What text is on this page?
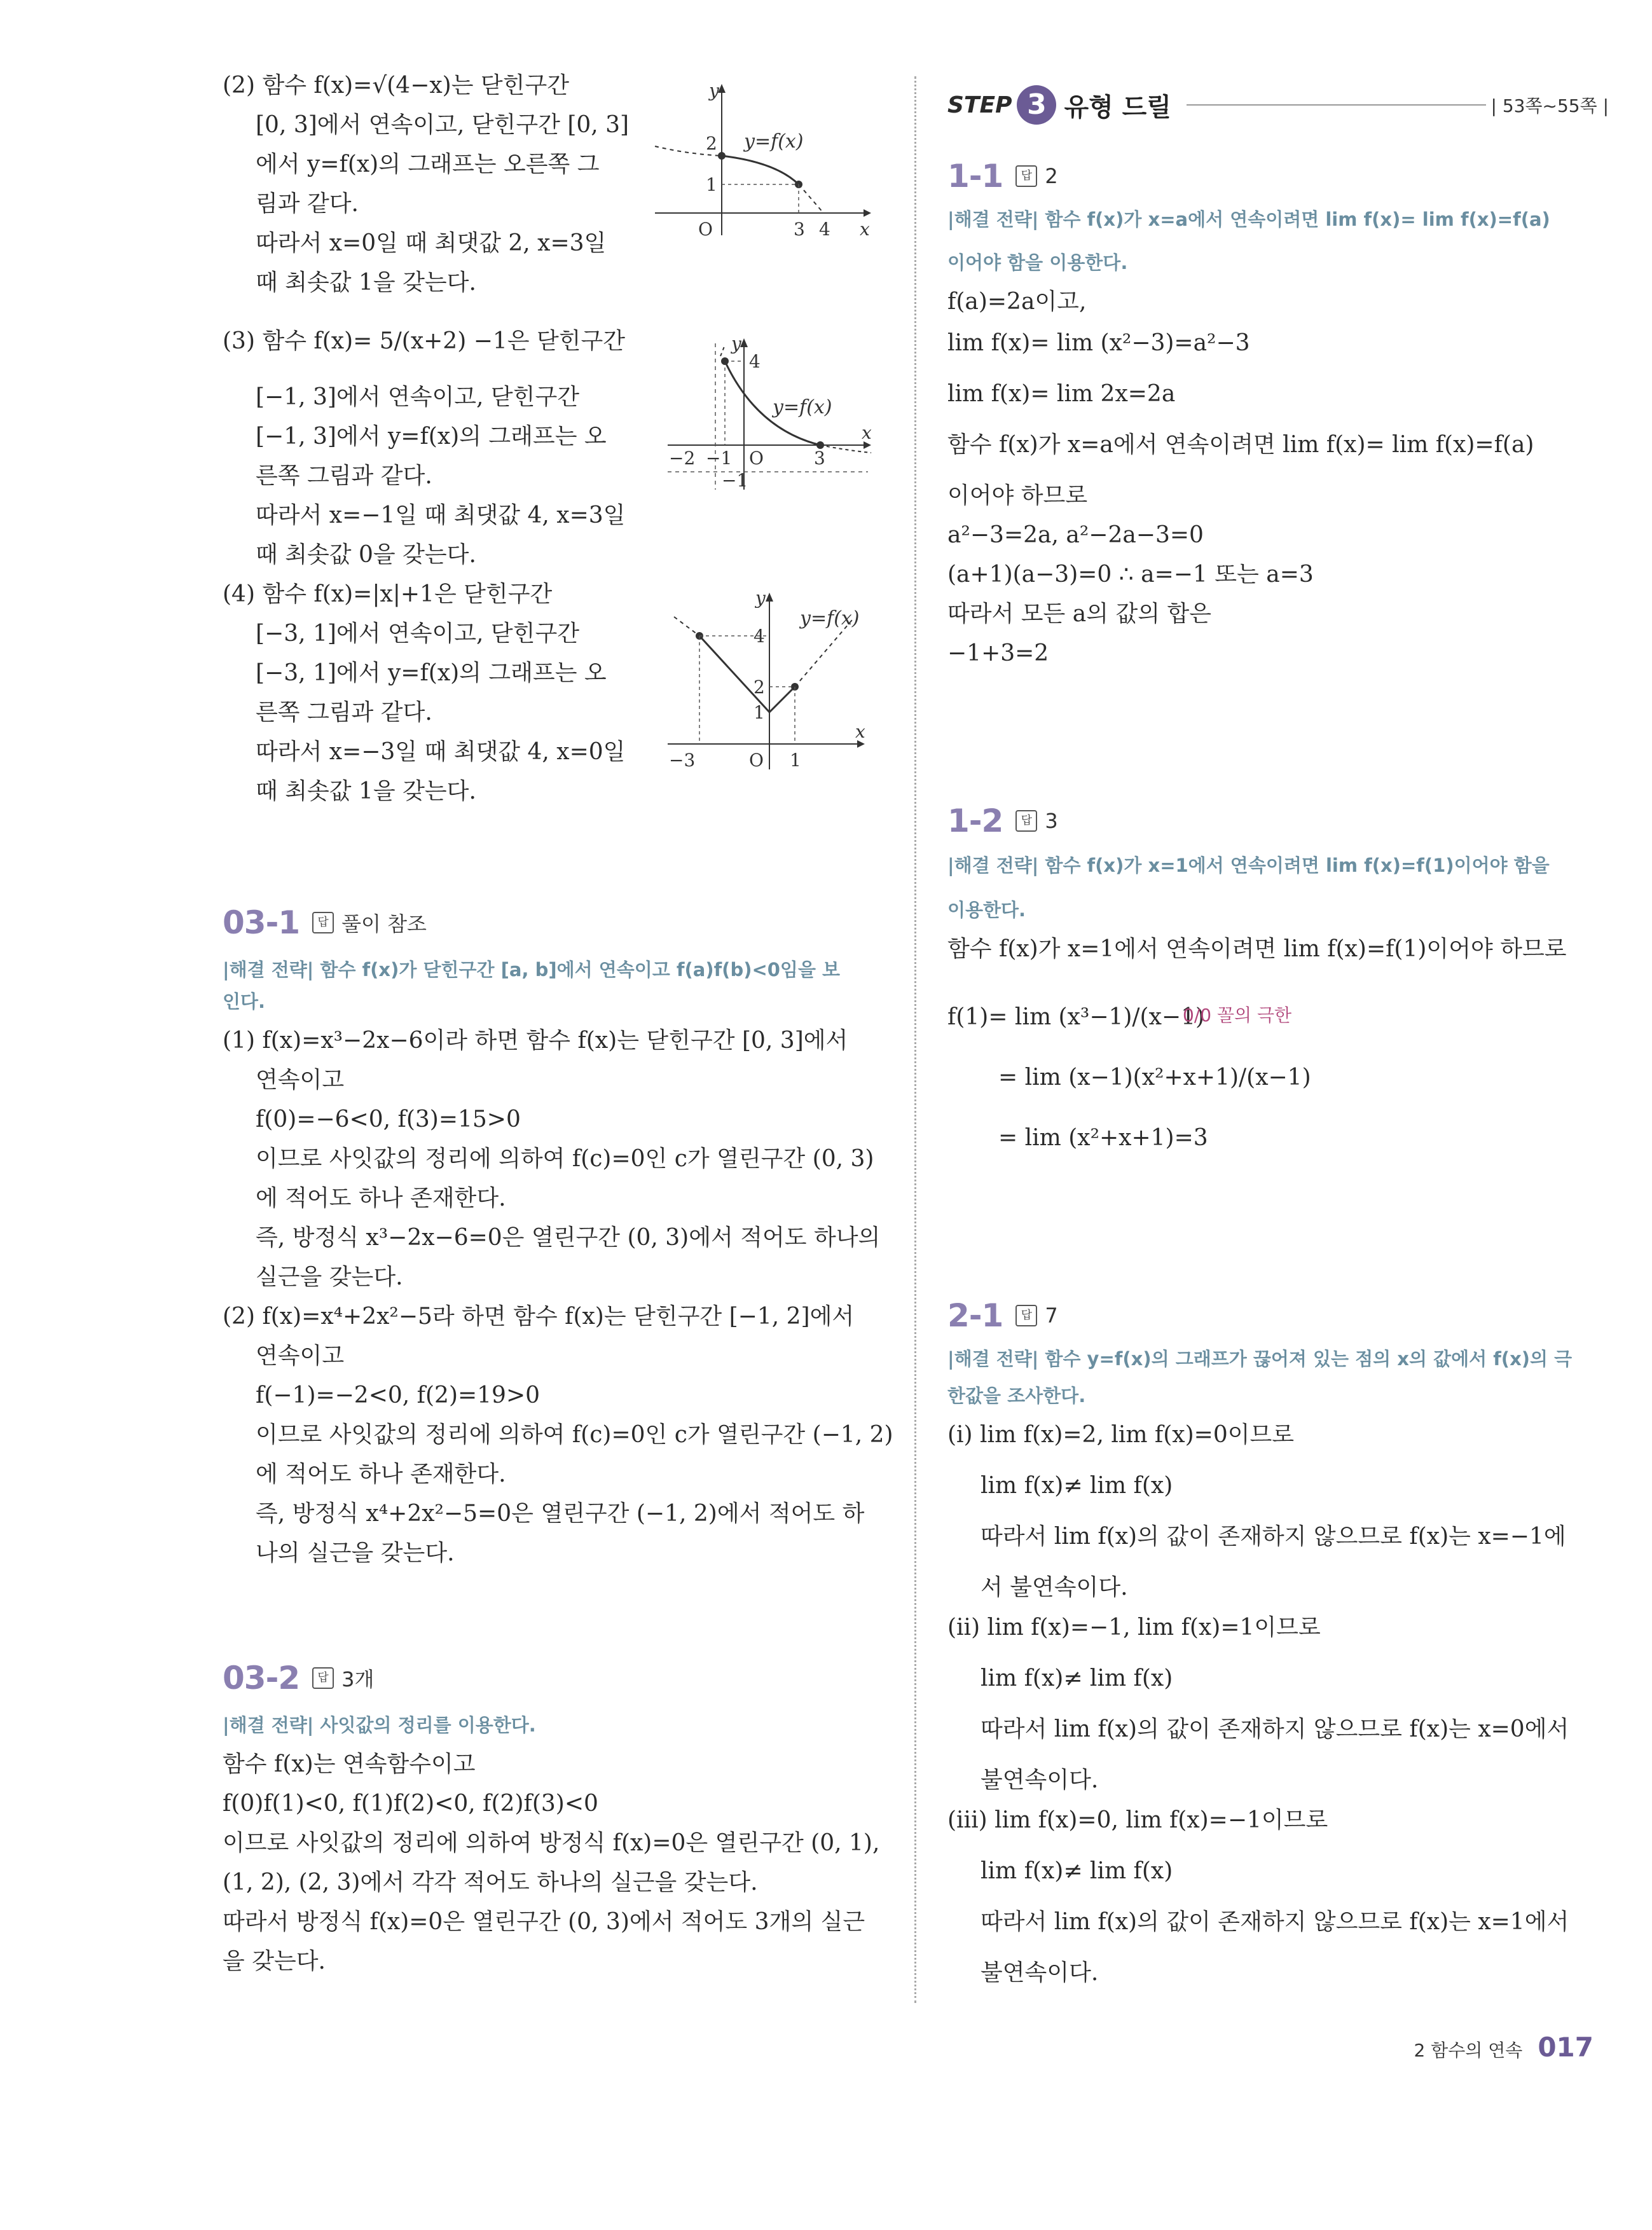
(2) 함수 f(x)=√(4−x)는 닫힌구간
[0, 3]에서 연속이고, 닫힌구간 [0, 3]
에서 y=f(x)의 그래프는 오른쪽 그
림과 같다.
따라서 x=0일 때 최댓값 2, x=3일
때 최솟값 1을 갖는다.
(3) 함수 f(x)= 5/(x+2) −1은 닫힌구간
[−1, 3]에서 연속이고, 닫힌구간
[−1, 3]에서 y=f(x)의 그래프는 오
른쪽 그림과 같다.
따라서 x=−1일 때 최댓값 4, x=3일
때 최솟값 0을 갖는다.
(4) 함수 f(x)=|x|+1은 닫힌구간
[−3, 1]에서 연속이고, 닫힌구간
[−3, 1]에서 y=f(x)의 그래프는 오
른쪽 그림과 같다.
따라서 x=−3일 때 최댓값 4, x=0일
때 최솟값 1을 갖는다.
03-1	답 풀이 참조
|해결 전략| 함수 f(x)가 닫힌구간 [a, b]에서 연속이고 f(a)f(b)<0임을 보
인다.
(1) f(x)=x³−2x−6이라 하면 함수 f(x)는 닫힌구간 [0, 3]에서
연속이고
f(0)=−6<0, f(3)=15>0
이므로 사잇값의 정리에 의하여 f(c)=0인 c가 열린구간 (0, 3)
에 적어도 하나 존재한다.
즉, 방정식 x³−2x−6=0은 열린구간 (0, 3)에서 적어도 하나의
실근을 갖는다.
(2) f(x)=x⁴+2x²−5라 하면 함수 f(x)는 닫힌구간 [−1, 2]에서
연속이고
f(−1)=−2<0, f(2)=19>0
이므로 사잇값의 정리에 의하여 f(c)=0인 c가 열린구간 (−1, 2)
에 적어도 하나 존재한다.
즉, 방정식 x⁴+2x²−5=0은 열린구간 (−1, 2)에서 적어도 하
나의 실근을 갖는다.
03-2	답 3개
|해결 전략| 사잇값의 정리를 이용한다.
함수 f(x)는 연속함수이고
f(0)f(1)<0, f(1)f(2)<0, f(2)f(3)<0
이므로 사잇값의 정리에 의하여 방정식 f(x)=0은 열린구간 (0, 1),
(1, 2), (2, 3)에서 각각 적어도 하나의 실근을 갖는다.
따라서 방정식 f(x)=0은 열린구간 (0, 3)에서 적어도 3개의 실근
을 갖는다.
y
x
O
y=f(x)
2
1
3 4
y
x
O
y=f(x)
4
−2 −1	3
−1
y
x
O
y=f(x)
4
2
1
−3	1
STEP 3 유형 드릴	| 53쪽~55쪽 |
1-1	답 2
|해결 전략| 함수 f(x)가 x=a에서 연속이려면 lim f(x)= lim f(x)=f(a)
이어야 함을 이용한다.
f(a)=2a이고,
lim f(x)= lim (x²−3)=a²−3
lim f(x)= lim 2x=2a
함수 f(x)가 x=a에서 연속이려면 lim f(x)= lim f(x)=f(a)
이어야 하므로
a²−3=2a, a²−2a−3=0
(a+1)(a−3)=0 ∴ a=−1 또는 a=3
따라서 모든 a의 값의 합은
−1+3=2
1-2	답 3
|해결 전략| 함수 f(x)가 x=1에서 연속이려면 lim f(x)=f(1)이어야 함을
이용한다.
함수 f(x)가 x=1에서 연속이려면 lim f(x)=f(1)이어야 하므로
f(1)= lim (x³−1)/(x−1)
= lim (x−1)(x²+x+1)/(x−1)
= lim (x²+x+1)=3
0/0 꼴의 극한
2-1	답 7
|해결 전략| 함수 y=f(x)의 그래프가 끊어져 있는 점의 x의 값에서 f(x)의 극
한값을 조사한다.
(i) lim f(x)=2, lim f(x)=0이므로
lim f(x)≠ lim f(x)
따라서 lim f(x)의 값이 존재하지 않으므로 f(x)는 x=−1에
서 불연속이다.
(ii) lim f(x)=−1, lim f(x)=1이므로
lim f(x)≠ lim f(x)
따라서 lim f(x)의 값이 존재하지 않으므로 f(x)는 x=0에서
불연속이다.
(iii) lim f(x)=0, lim f(x)=−1이므로
lim f(x)≠ lim f(x)
따라서 lim f(x)의 값이 존재하지 않으므로 f(x)는 x=1에서
불연속이다.
2 함수의 연속 017
